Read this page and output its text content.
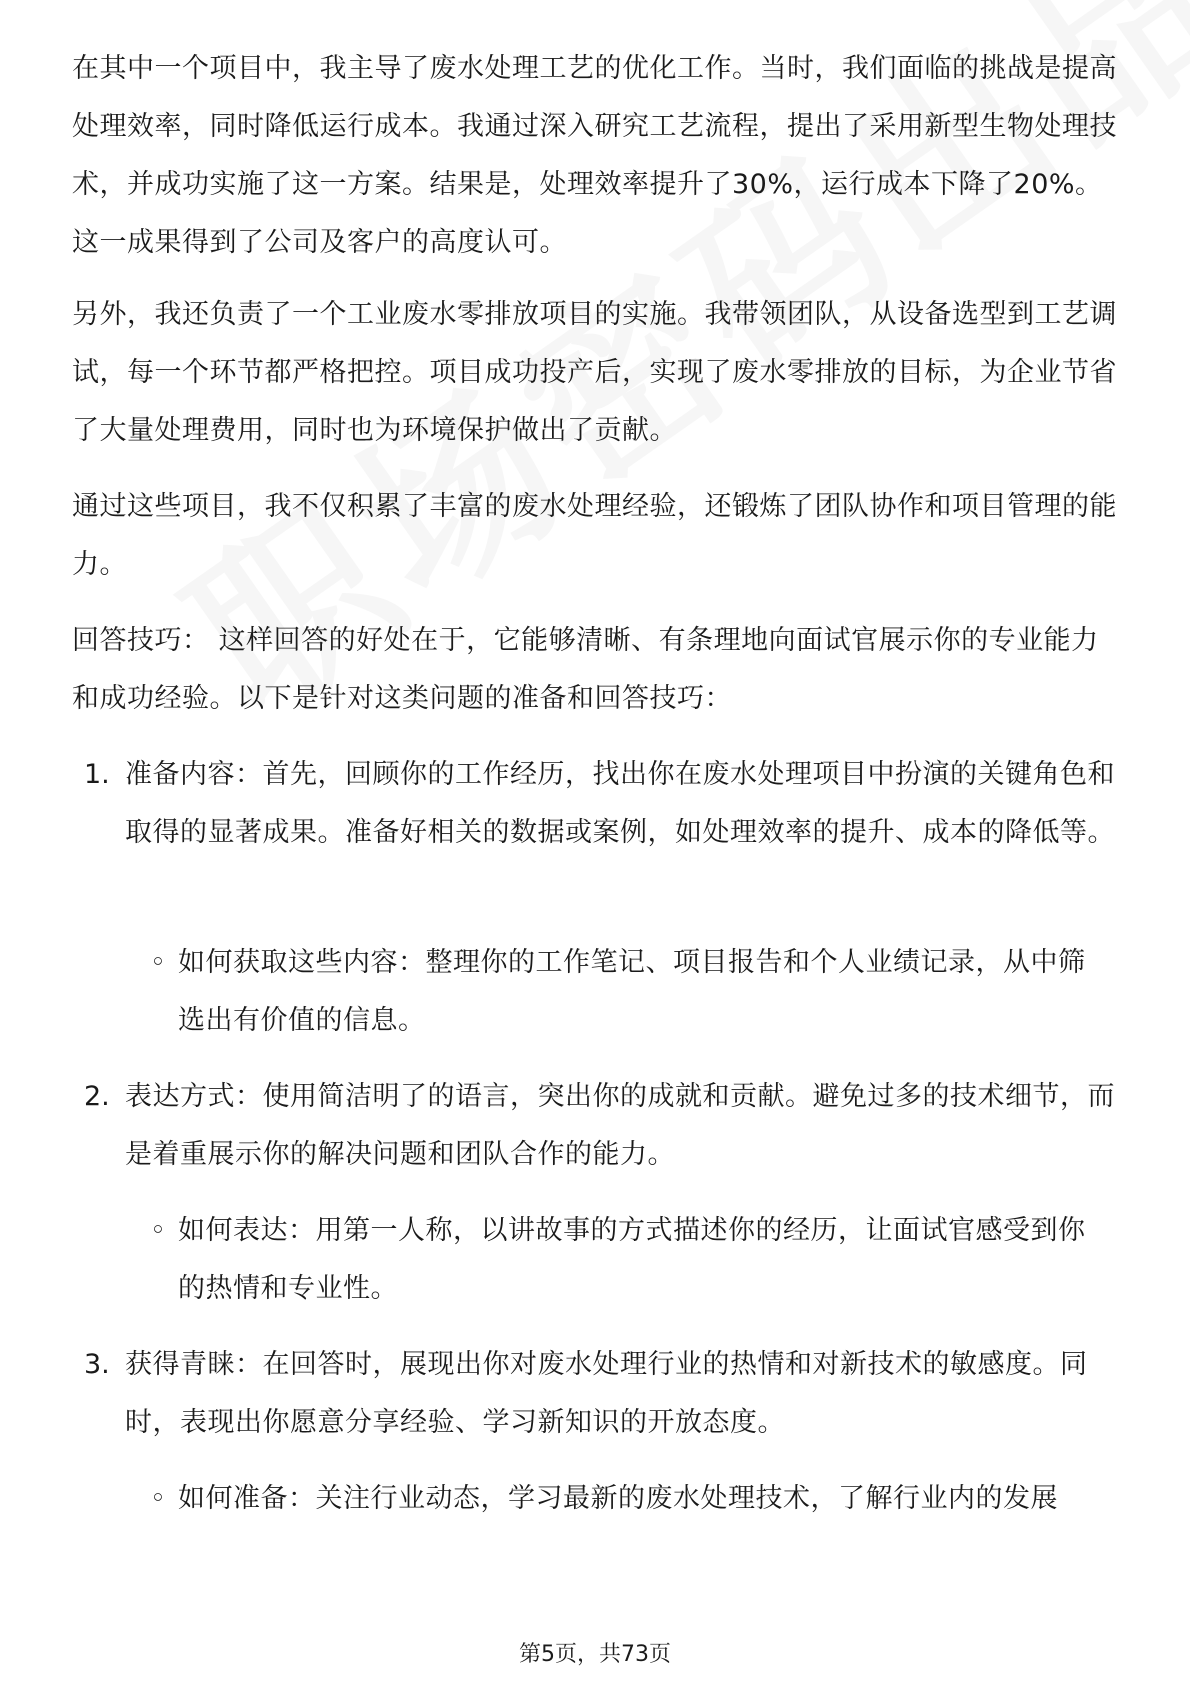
在其中一个项目中，我主导了废水处理工艺的优化工作。当时，我们面临的挑战是提高处理效率，同时降低运行成本。我通过深入研究工艺流程，提出了采用新型生物处理技术，并成功实施了这一方案。结果是，处理效率提升了30%，运行成本下降了20%。这一成果得到了公司及客户的高度认可。

另外，我还负责了一个工业废水零排放项目的实施。我带领团队，从设备选型到工艺调试，每一个环节都严格把控。项目成功投产后，实现了废水零排放的目标，为企业节省了大量处理费用，同时也为环境保护做出了贡献。

通过这些项目，我不仅积累了丰富的废水处理经验，还锻炼了团队协作和项目管理的能力。

回答技巧： 这样回答的好处在于，它能够清晰、有条理地向面试官展示你的专业能力和成功经验。以下是针对这类问题的准备和回答技巧：

1. 准备内容：首先，回顾你的工作经历，找出你在废水处理项目中扮演的关键角色和取得的显著成果。准备好相关的数据或案例，如处理效率的提升、成本的降低等。
◦ 如何获取这些内容：整理你的工作笔记、项目报告和个人业绩记录，从中筛选出有价值的信息。
2. 表达方式：使用简洁明了的语言，突出你的成就和贡献。避免过多的技术细节，而是着重展示你的解决问题和团队合作的能力。
◦ 如何表达：用第一人称，以讲故事的方式描述你的经历，让面试官感受到你的热情和专业性。
3. 获得青睐：在回答时，展现出你对废水处理行业的热情和对新技术的敏感度。同时，表现出你愿意分享经验、学习新知识的开放态度。
◦ 如何准备：关注行业动态，学习最新的废水处理技术，了解行业内的发展
第5页，共73页
